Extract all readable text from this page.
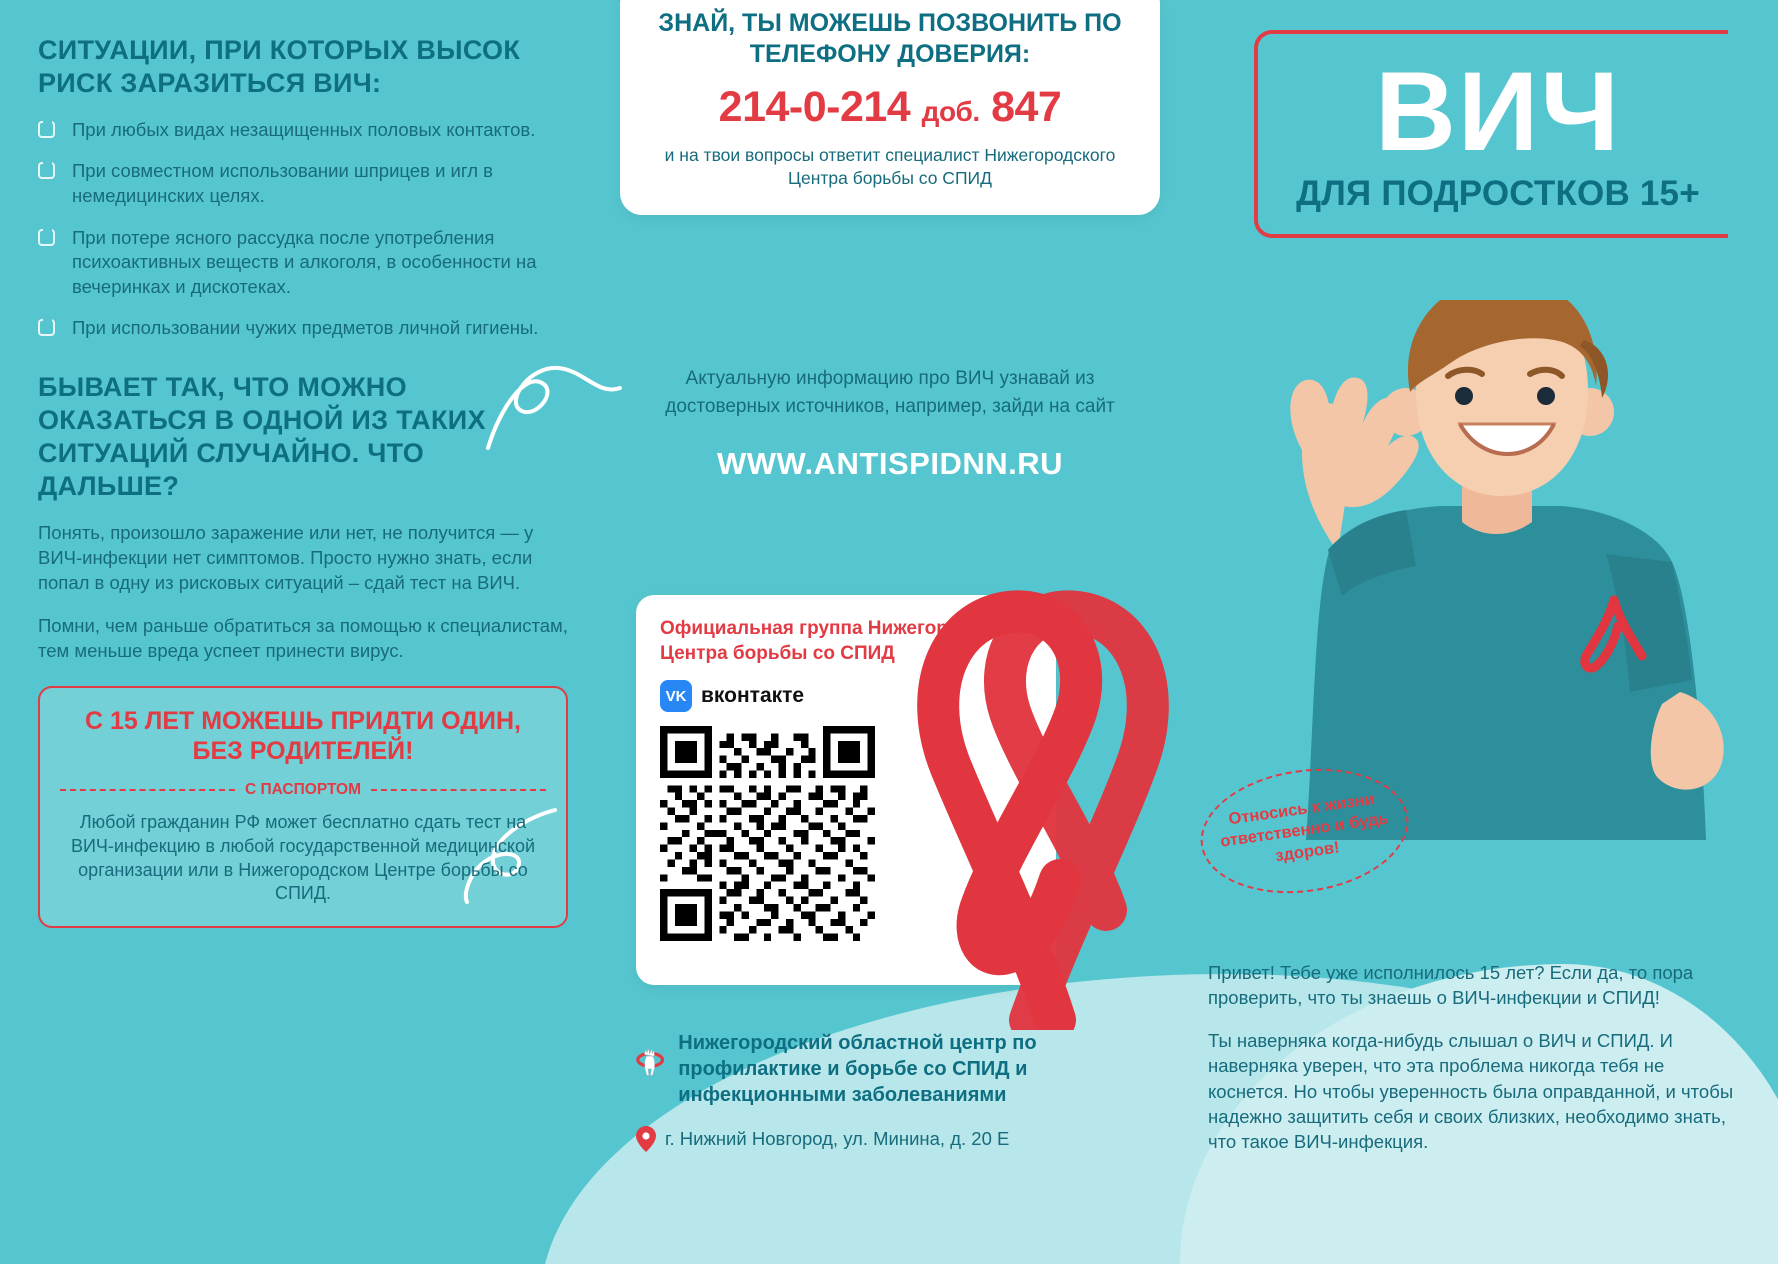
СИТУАЦИИ, ПРИ КОТОРЫХ ВЫСОК РИСК ЗАРАЗИТЬСЯ ВИЧ:
При любых видах незащищенных половых контактов.
При совместном использовании шприцев и игл в немедицинских целях.
При потере ясного рассудка после употребления психоактивных веществ и алкоголя, в особенности на вечеринках и дискотеках.
При использовании чужих предметов личной гигиены.
БЫВАЕТ ТАК, ЧТО МОЖНО ОКАЗАТЬСЯ В ОДНОЙ ИЗ ТАКИХ СИТУАЦИЙ СЛУЧАЙНО. ЧТО ДАЛЬШЕ?

Понять, произошло заражение или нет, не получится — у ВИЧ-инфекции нет симптомов. Просто нужно знать, если попал в одну из рисковых ситуаций – сдай тест на ВИЧ.

Помни, чем раньше обратиться за помощью к специалистам, тем меньше вреда успеет принести вирус.

С 15 ЛЕТ МОЖЕШЬ ПРИДТИ ОДИН, БЕЗ РОДИТЕЛЕЙ!
С ПАСПОРТОМ
Любой гражданин РФ может бесплатно сдать тест на ВИЧ-инфекцию в любой государственной медицинской организации или в Нижегородском Центре борьбы со СПИД.
ЗНАЙ, ТЫ МОЖЕШЬ ПОЗВОНИТЬ ПО ТЕЛЕФОНУ ДОВЕРИЯ:
214-0-214 доб. 847
и на твои вопросы ответит специалист Нижегородского Центра борьбы со СПИД
Актуальную информацию про ВИЧ узнавай из достоверных источников, например, зайди на сайт
WWW.ANTISPIDNN.RU
Официальная группа Нижегородского Центра борьбы со СПИД
VK вконтакте
Нижегородский областной центр по профилактике и борьбе со СПИД и инфекционными заболеваниями
г. Нижний Новгород, ул. Минина, д. 20 Е
ВИЧ
ДЛЯ ПОДРОСТКОВ 15+
Относись к жизни ответственно и будь здоров!

Привет! Тебе уже исполнилось 15 лет? Если да, то пора проверить, что ты знаешь о ВИЧ-инфекции и СПИД!

Ты наверняка когда-нибудь слышал о ВИЧ и СПИД. И наверняка уверен, что эта проблема никогда тебя не коснется. Но чтобы уверенность была оправданной, и чтобы надежно защитить себя и своих близких, необходимо знать, что такое ВИЧ-инфекция.
